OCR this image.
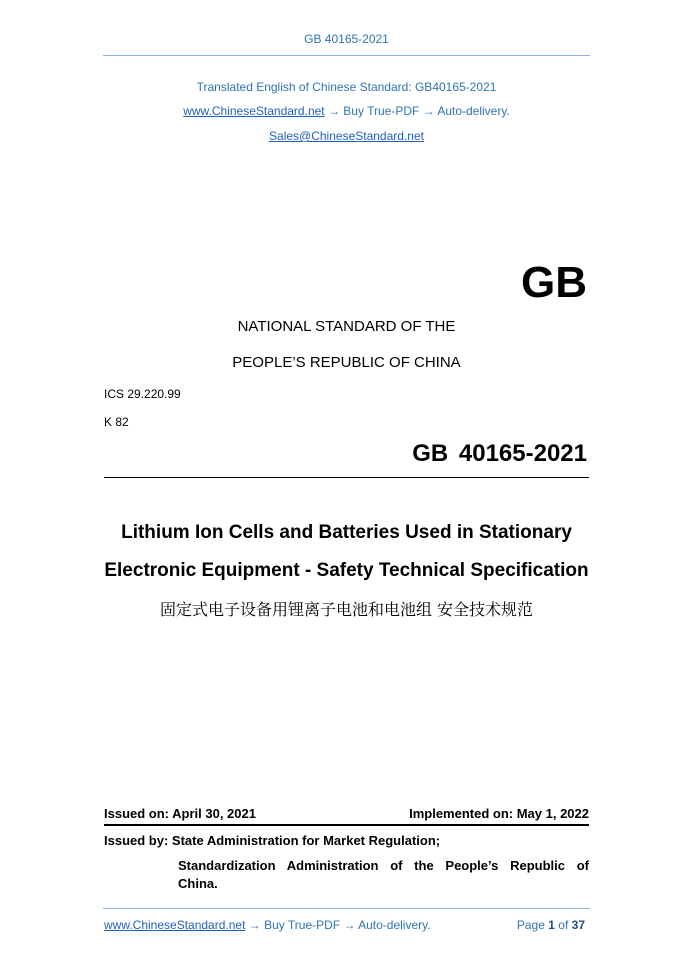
GB 40165-2021
Translated English of Chinese Standard: GB40165-2021
www.ChineseStandard.net → Buy True-PDF → Auto-delivery.
Sales@ChineseStandard.net
GB
NATIONAL STANDARD OF THE
PEOPLE’S REPUBLIC OF CHINA
ICS 29.220.99
K 82
GB 40165-2021
Lithium Ion Cells and Batteries Used in Stationary
Electronic Equipment - Safety Technical Specification
固定式电子设备用锂离子电池和电池组 安全技术规范
Issued on: April 30, 2021	Implemented on: May 1, 2022
Issued by: State Administration for Market Regulation;
Standardization Administration of the People’s Republic of
China.
www.ChineseStandard.net → Buy True-PDF → Auto-delivery.	Page 1 of 37
